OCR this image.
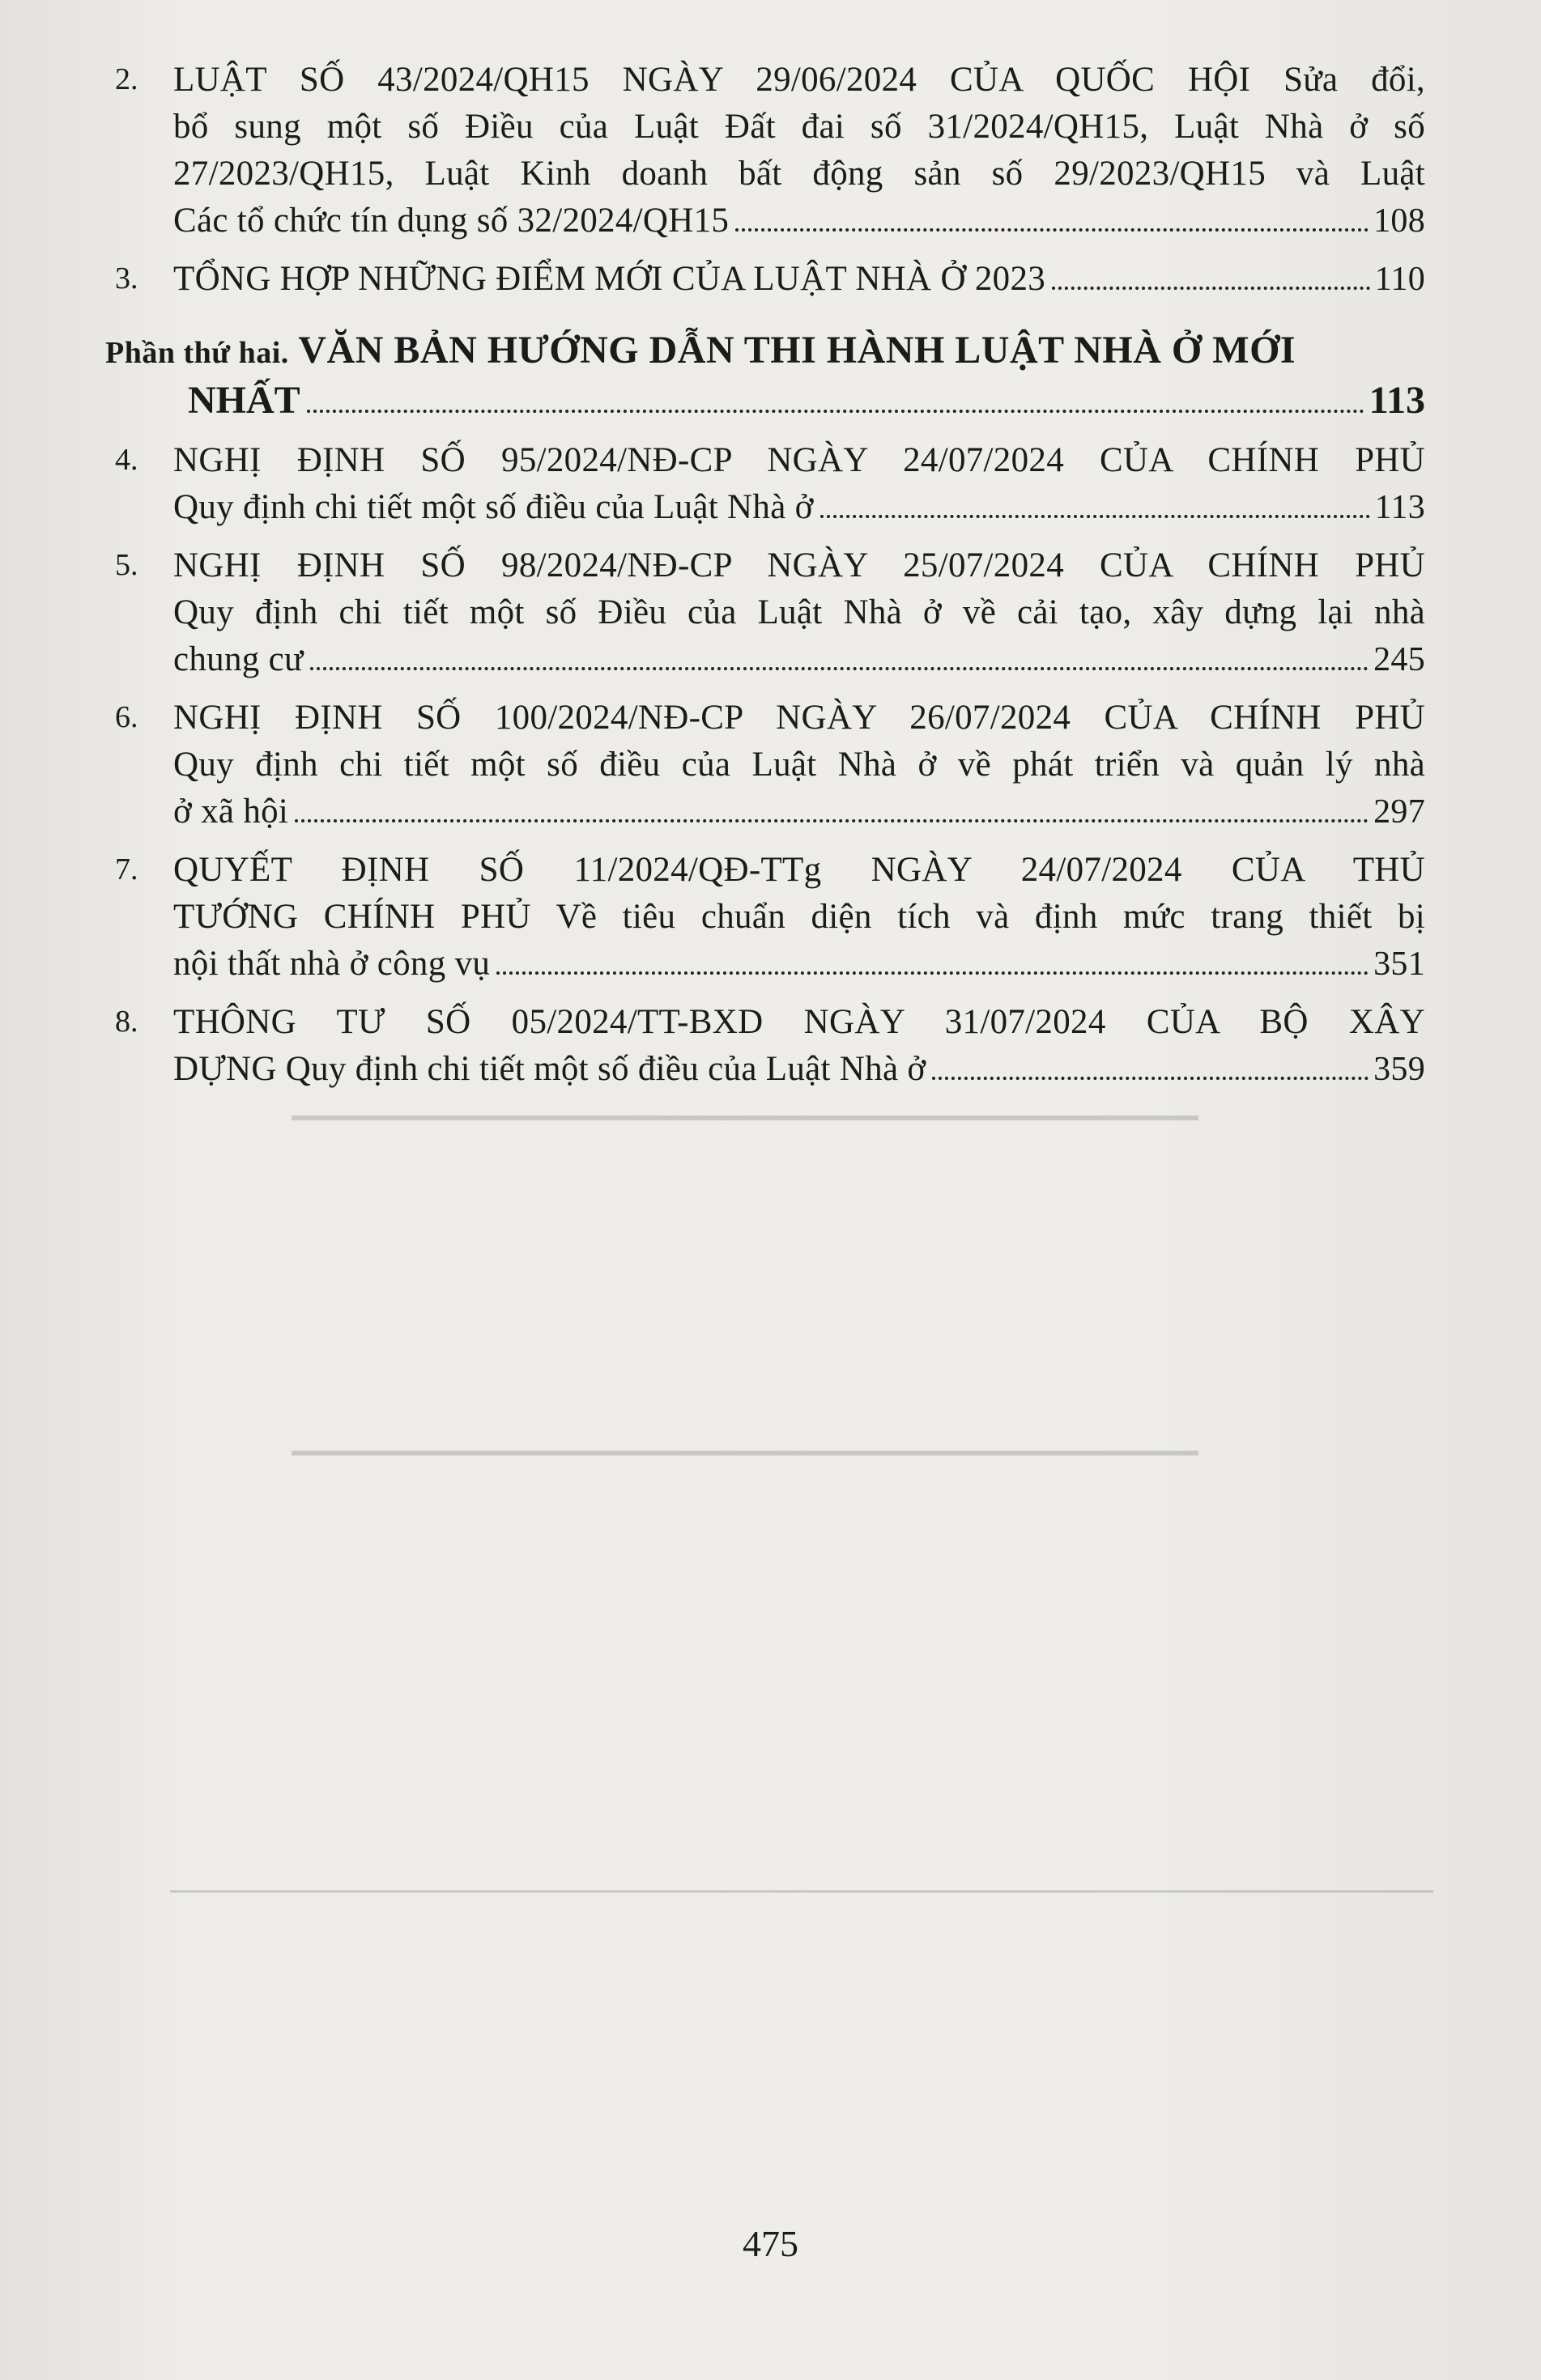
2. LUẬT SỐ 43/2024/QH15 NGÀY 29/06/2024 CỦA QUỐC HỘI Sửa đổi,
bổ sung một số Điều của Luật Đất đai số 31/2024/QH15, Luật Nhà ở số
27/2023/QH15, Luật Kinh doanh bất động sản số 29/2023/QH15 và Luật
Các tổ chức tín dụng số 32/2024/QH15	108
3. TỔNG HỢP NHỮNG ĐIỂM MỚI CỦA LUẬT NHÀ Ở 2023	110
Phần thứ hai. VĂN BẢN HƯỚNG DẪN THI HÀNH LUẬT NHÀ Ở MỚI
NHẤT	113
4. NGHỊ ĐỊNH SỐ 95/2024/NĐ-CP NGÀY 24/07/2024 CỦA CHÍNH PHỦ
Quy định chi tiết một số điều của Luật Nhà ở	113
5. NGHỊ ĐỊNH SỐ 98/2024/NĐ-CP NGÀY 25/07/2024 CỦA CHÍNH PHỦ
Quy định chi tiết một số Điều của Luật Nhà ở về cải tạo, xây dựng lại nhà
chung cư	245
6. NGHỊ ĐỊNH SỐ 100/2024/NĐ-CP NGÀY 26/07/2024 CỦA CHÍNH PHỦ
Quy định chi tiết một số điều của Luật Nhà ở về phát triển và quản lý nhà
ở xã hội	297
7. QUYẾT ĐỊNH SỐ 11/2024/QĐ-TTg NGÀY 24/07/2024 CỦA THỦ
TƯỚNG CHÍNH PHỦ Về tiêu chuẩn diện tích và định mức trang thiết bị
nội thất nhà ở công vụ	351
8. THÔNG TƯ SỐ 05/2024/TT-BXD NGÀY 31/07/2024 CỦA BỘ XÂY
DỰNG Quy định chi tiết một số điều của Luật Nhà ở	359
475
